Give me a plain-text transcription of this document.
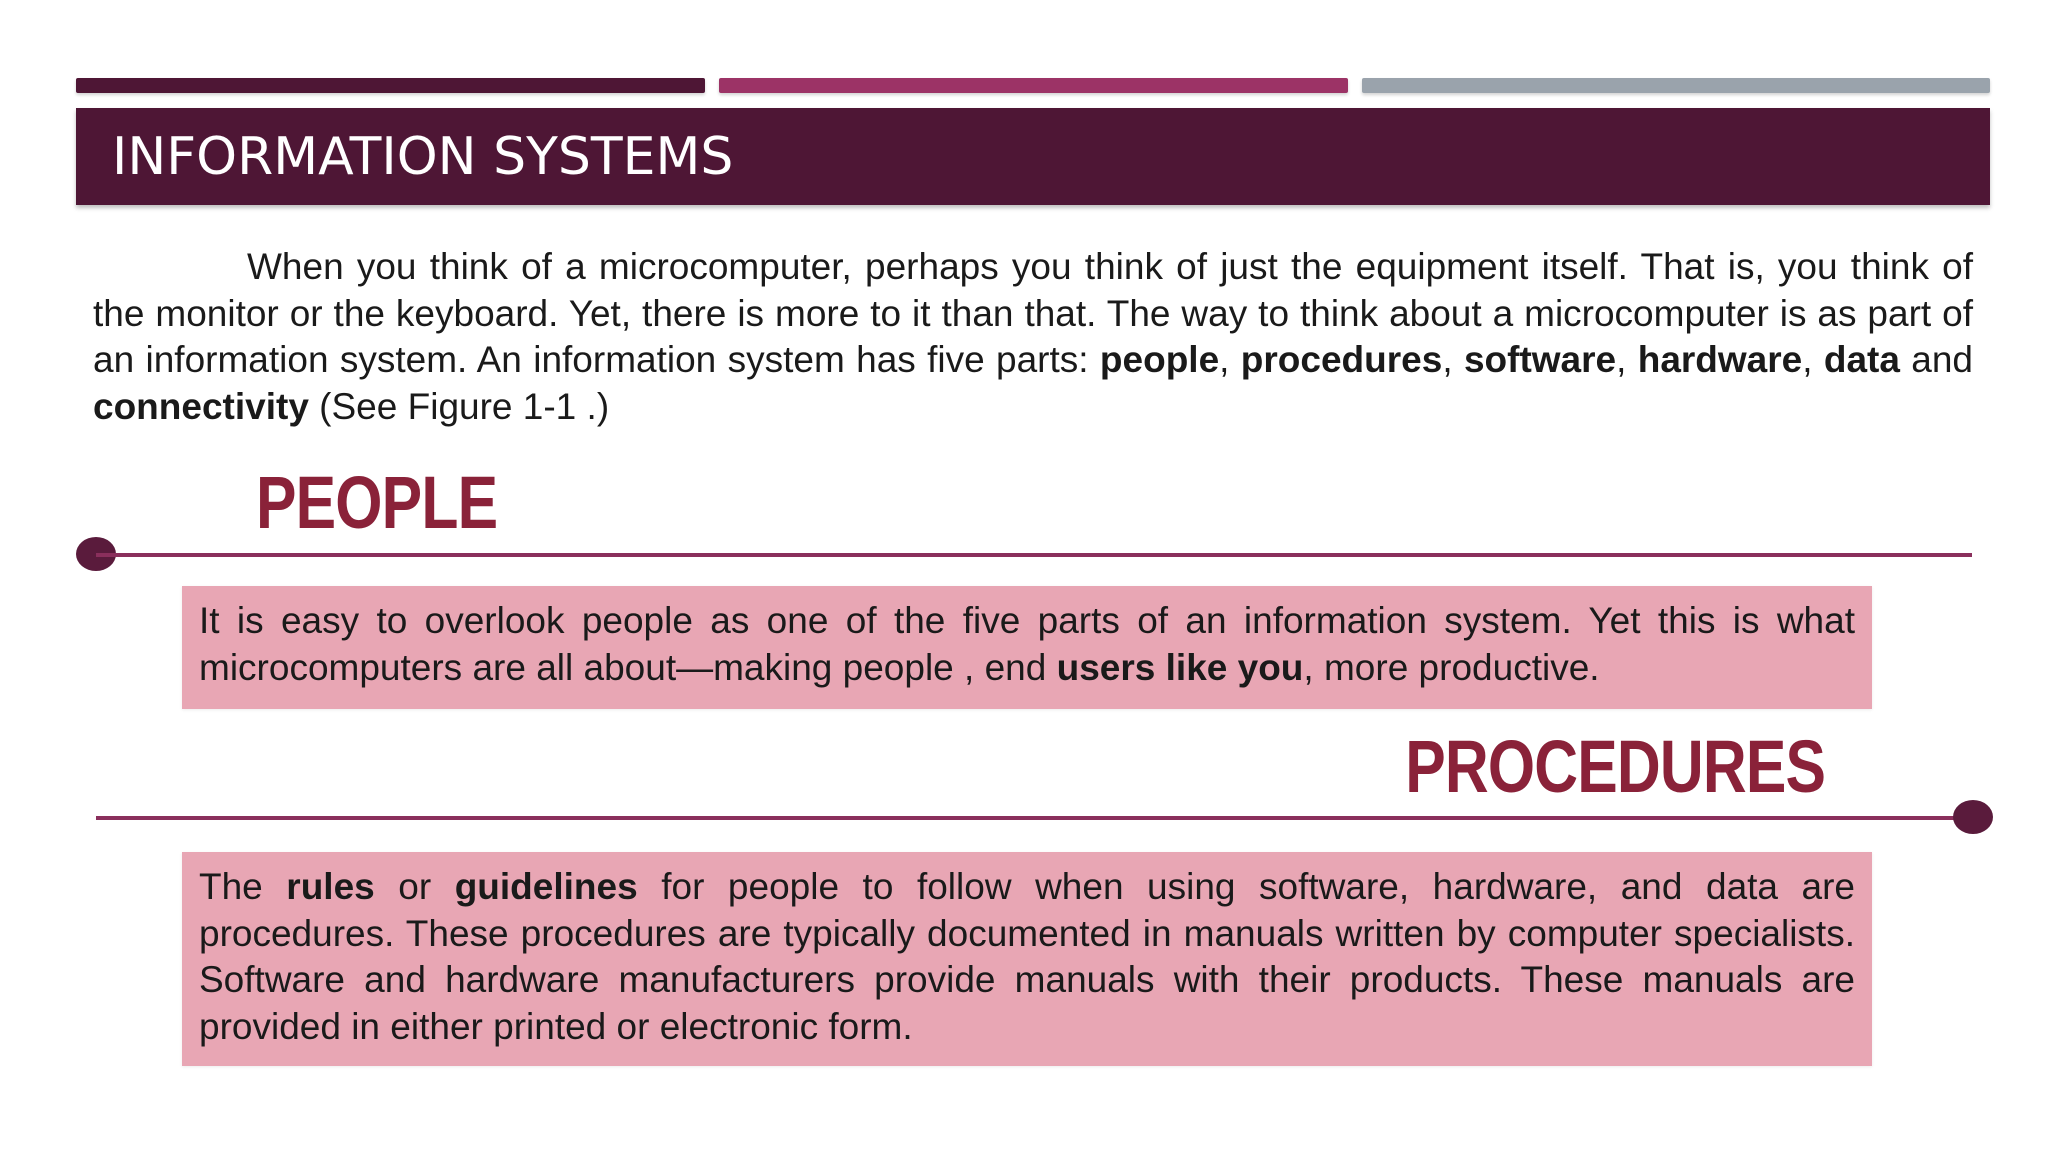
INFORMATION SYSTEMS

When you think of a microcomputer, perhaps you think of just the equipment itself. That is, you think of the monitor or the keyboard. Yet, there is more to it than that. The way to think about a microcomputer is as part of an information system. An information system has five parts: people, procedures, software, hardware, data and connectivity (See Figure 1-1 .)

PEOPLE
It is easy to overlook people as one of the five parts of an information system. Yet this is what microcomputers are all about—making people , end users like you, more productive.
PROCEDURES
The rules or guidelines for people to follow when using software, hardware, and data are procedures. These procedures are typically documented in manuals written by computer specialists. Software and hardware manufacturers provide manuals with their products. These manuals are provided in either printed or electronic form.
